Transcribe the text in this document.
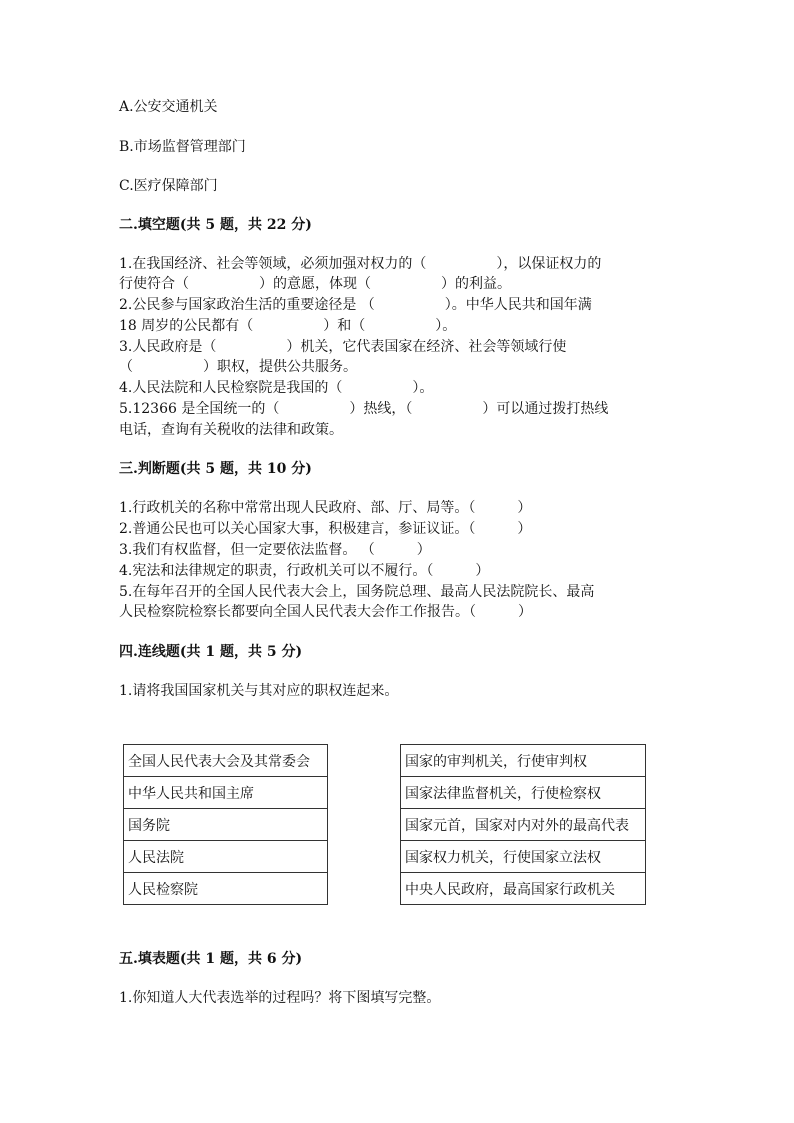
A.公安交通机关
B.市场监督管理部门
C.医疗保障部门
二.填空题(共 5 题，共 22 分)
1.在我国经济、社会等领域，必须加强对权力的（　　　　　），以保证权力的
行使符合（　　　　　）的意愿，体现（　　　　　）的利益。
2.公民参与国家政治生活的重要途径是 （　　　　　）。中华人民共和国年满
18 周岁的公民都有（　　　　　）和（　　　　　）。
3.人民政府是（　　　　　）机关，它代表国家在经济、社会等领域行使
（　　　　　）职权，提供公共服务。
4.人民法院和人民检察院是我国的（　　　　　）。
5.12366 是全国统一的（　　　　　）热线，（　　　　　）可以通过拨打热线
电话，查询有关税收的法律和政策。
三.判断题(共 5 题，共 10 分)
1.行政机关的名称中常常出现人民政府、部、厅、局等。（　　　）
2.普通公民也可以关心国家大事，积极建言，参证议证。（　　　）
3.我们有权监督，但一定要依法监督。 （　　　）
4.宪法和法律规定的职责，行政机关可以不履行。（　　　）
5.在每年召开的全国人民代表大会上，国务院总理、最高人民法院院长、最高
人民检察院检察长都要向全国人民代表大会作工作报告。（　　　）
四.连线题(共 1 题，共 5 分)
1.请将我国国家机关与其对应的职权连起来。
全国人民代表大会及其常委会
中华人民共和国主席
国务院
人民法院
人民检察院
国家的审判机关，行使审判权
国家法律监督机关，行使检察权
国家元首，国家对内对外的最高代表
国家权力机关，行使国家立法权
中央人民政府，最高国家行政机关
五.填表题(共 1 题，共 6 分)
1.你知道人大代表选举的过程吗？将下图填写完整。
